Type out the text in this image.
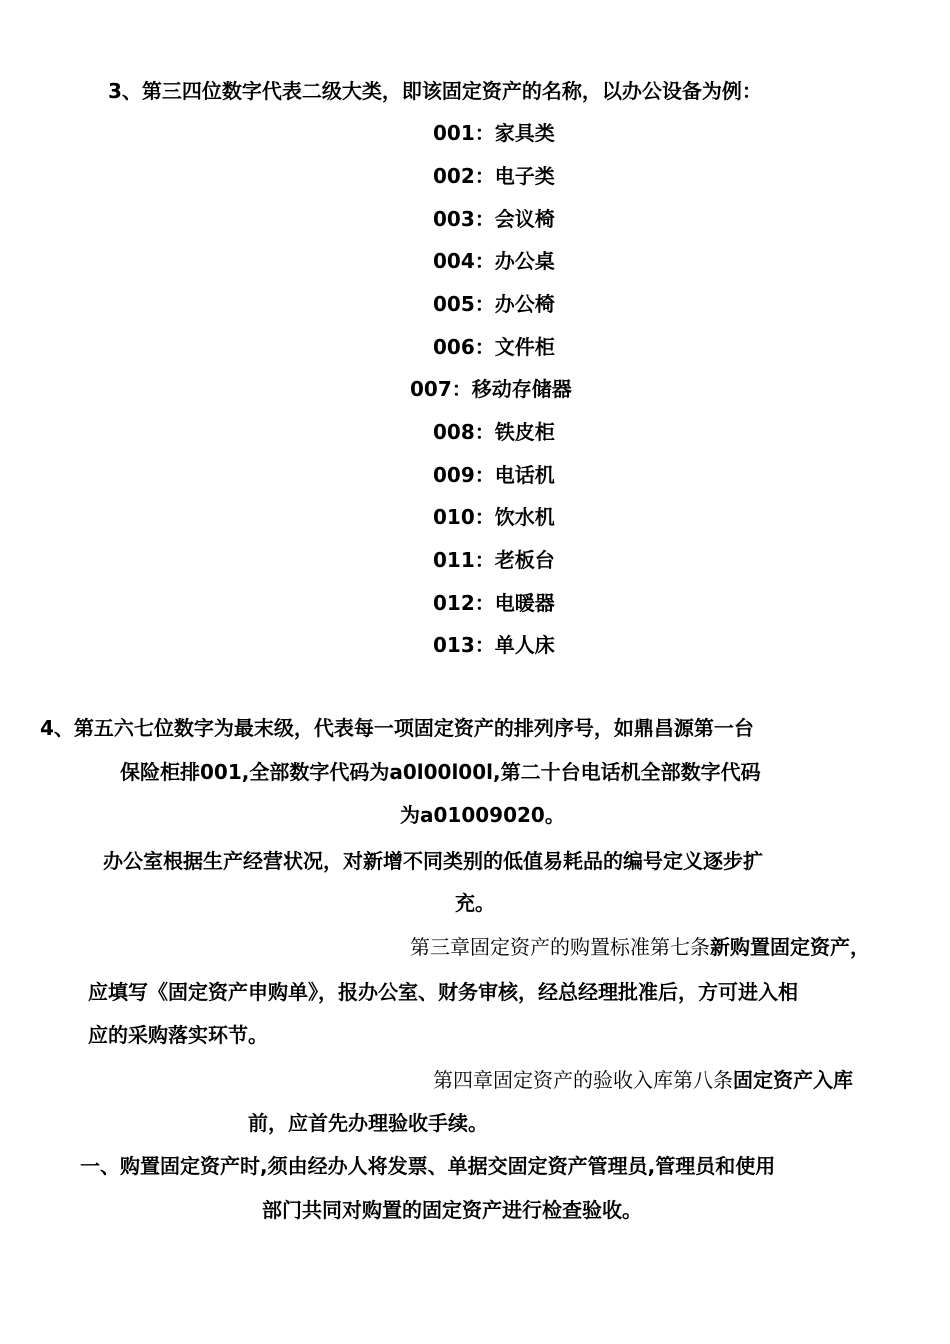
3、第三四位数字代表二级大类，即该固定资产的名称，以办公设备为例：
001：家具类
002：电子类
003：会议椅
004：办公桌
005：办公椅
006：文件柜
007：移动存储器
008：铁皮柜
009：电话机
010：饮水机
011：老板台
012：电暖器
013：单人床
4、第五六七位数字为最末级，代表每一项固定资产的排列序号，如鼎昌源第一台
保险柜排001,全部数字代码为a0l00l00l,第二十台电话机全部数字代码
为a01009020。
办公室根据生产经营状况，对新增不同类别的低值易耗品的编号定义逐步扩
充。
第三章固定资产的购置标准第七条新购置固定资产，
应填写《固定资产申购单》，报办公室、财务审核，经总经理批准后，方可进入相
应的采购落实环节。
第四章固定资产的验收入库第八条固定资产入库
前，应首先办理验收手续。
一、购置固定资产时,须由经办人将发票、单据交固定资产管理员,管理员和使用
部门共同对购置的固定资产进行检查验收。
